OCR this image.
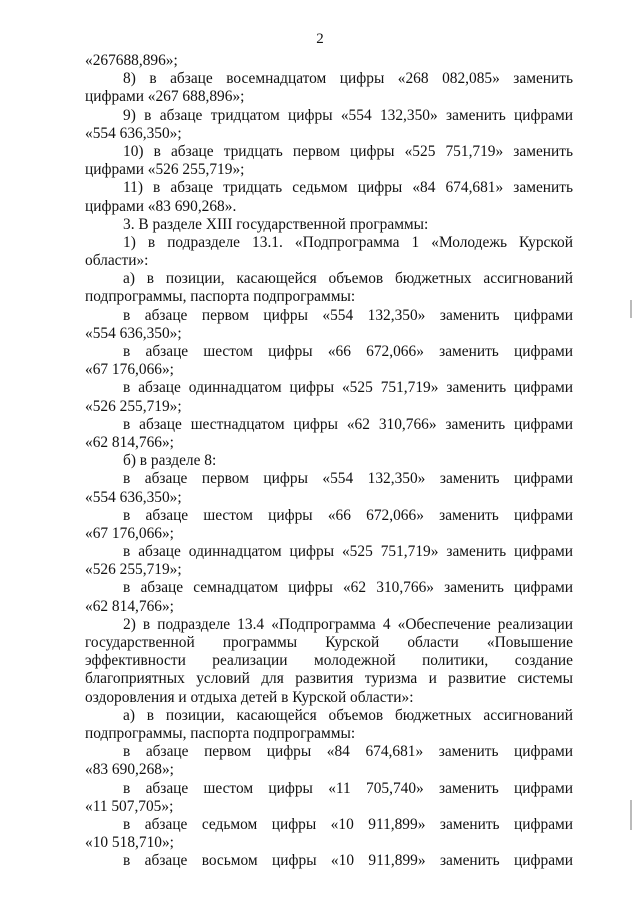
2
«267688,896»;
8) в абзаце восемнадцатом цифры «268 082,085» заменить
цифрами «267 688,896»;
9) в абзаце тридцатом цифры «554 132,350» заменить цифрами
«554 636,350»;
10) в абзаце тридцать первом цифры «525 751,719» заменить
цифрами «526 255,719»;
11) в абзаце тридцать седьмом цифры «84 674,681» заменить
цифрами «83 690,268».
3. В разделе XIII государственной программы:
1) в подразделе 13.1. «Подпрограмма 1 «Молодежь Курской
области»:
а) в позиции, касающейся объемов бюджетных ассигнований
подпрограммы, паспорта подпрограммы:
в абзаце первом цифры «554 132,350» заменить цифрами
«554 636,350»;
в абзаце шестом цифры «66 672,066» заменить цифрами
«67 176,066»;
в абзаце одиннадцатом цифры «525 751,719» заменить цифрами
«526 255,719»;
в абзаце шестнадцатом цифры «62 310,766» заменить цифрами
«62 814,766»;
б) в разделе 8:
в абзаце первом цифры «554 132,350» заменить цифрами
«554 636,350»;
в абзаце шестом цифры «66 672,066» заменить цифрами
«67 176,066»;
в абзаце одиннадцатом цифры «525 751,719» заменить цифрами
«526 255,719»;
в абзаце семнадцатом цифры «62 310,766» заменить цифрами
«62 814,766»;
2) в подразделе 13.4 «Подпрограмма 4 «Обеспечение реализации
государственной программы Курской области «Повышение
эффективности реализации молодежной политики, создание
благоприятных условий для развития туризма и развитие системы
оздоровления и отдыха детей в Курской области»:
а) в позиции, касающейся объемов бюджетных ассигнований
подпрограммы, паспорта подпрограммы:
в абзаце первом цифры «84 674,681» заменить цифрами
«83 690,268»;
в абзаце шестом цифры «11 705,740» заменить цифрами
«11 507,705»;
в абзаце седьмом цифры «10 911,899» заменить цифрами
«10 518,710»;
в абзаце восьмом цифры «10 911,899» заменить цифрами
